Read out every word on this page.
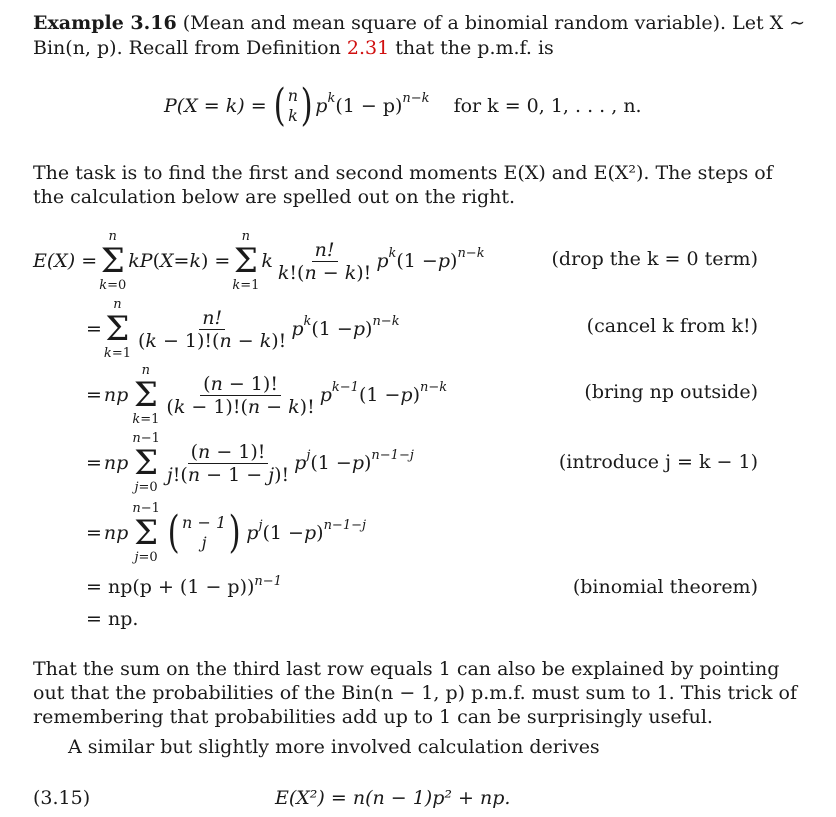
Example 3.16 (Mean and mean square of a binomial random variable). Let X ∼
Bin(n, p). Recall from Definition 2.31 that the p.m.f. is
P(X = k) = ( n
k ) p k (1 − p) n−k for k = 0, 1, . . . , n.
The task is to find the first and second moments E(X) and E(X²). The steps of
the calculation below are spelled out on the right.
E(X) =
n
Σ
k=0
kP ( X = k ) =
n
Σ
k=1
k $\frac{n!}{k!(n - k)!}$ p k (1 − p ) n−k	(drop the k = 0 term)
=
n
Σ
k=1
$\frac{n!}{(k - 1)!(n - k)!}$ p k (1 − p ) n−k	(cancel k from k!)
= np
n
Σ
k=1
$\frac{(n - 1)!}{(k - 1)!(n - k)!}$ p k−1 (1 − p ) n−k	(bring np outside)
= np
n−1
Σ
j=0
$\frac{(n - 1)!}{j!(n - 1 - j)!}$ p j (1 − p ) n−1−j	(introduce j = k − 1)
= np
n−1
Σ
j=0 ( n − 1
j ) p j (1 − p ) n−1−j
= $np(p + (1 - p))^{n-1}$	(binomial theorem)
= np.
That the sum on the third last row equals 1 can also be explained by pointing
out that the probabilities of the Bin(n − 1, p) p.m.f. must sum to 1. This trick of
remembering that probabilities add up to 1 can be surprisingly useful.
A similar but slightly more involved calculation derives
(3.15)	E(X²) = n(n − 1)p² + np.
